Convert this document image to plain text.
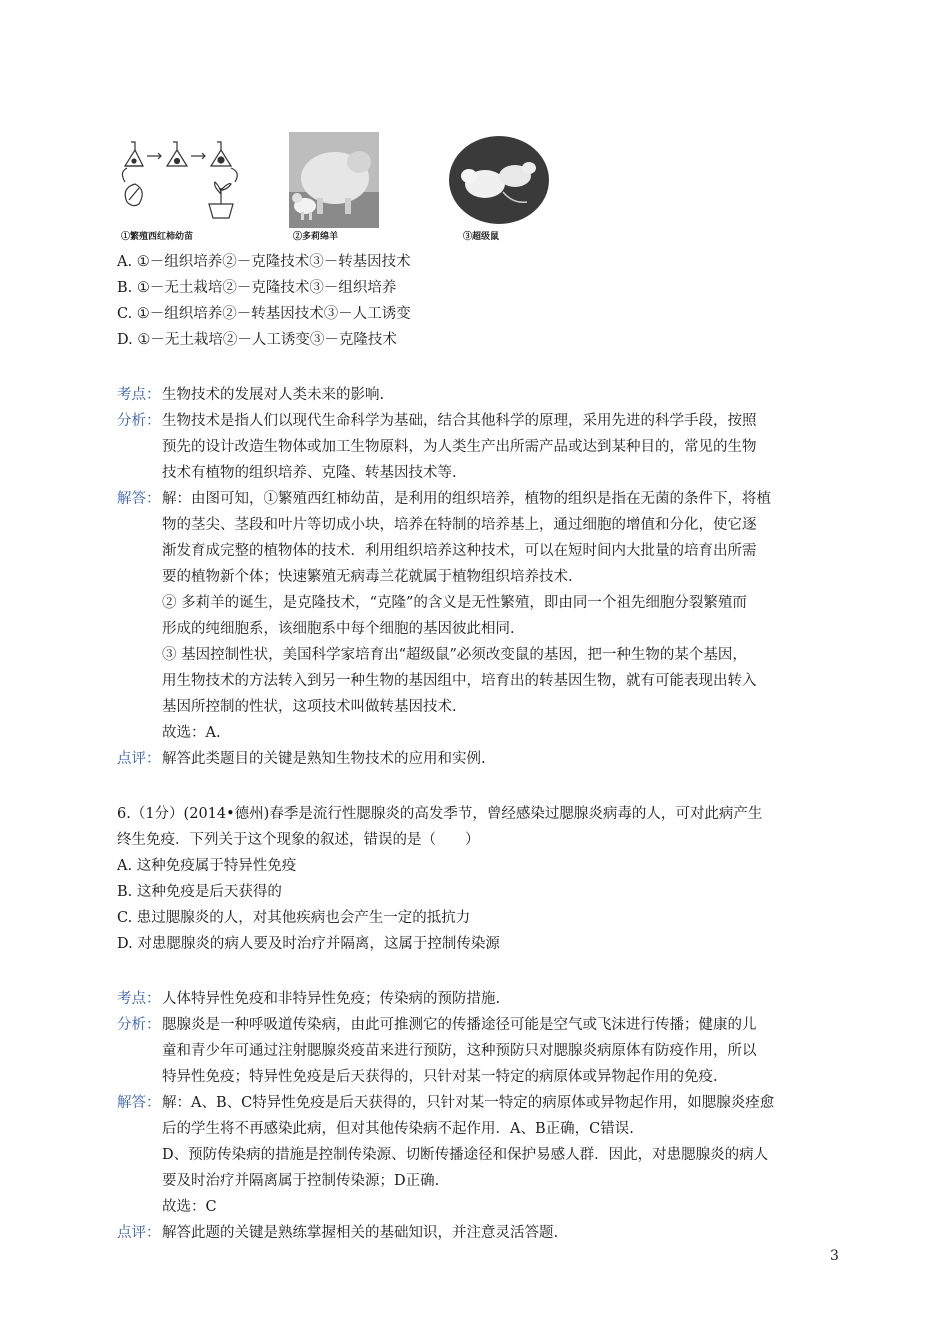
①繁殖西红柿幼苗	②多莉绵羊	③超级鼠
A. ①－组织培养②－克隆技术③－转基因技术
B. ①－无土栽培②－克隆技术③－组织培养
C. ①－组织培养②－转基因技术③－人工诱变
D. ①－无土栽培②－人工诱变③－克隆技术
考点： 生物技术的发展对人类未来的影响.
分析： 生物技术是指人们以现代生命科学为基础，结合其他科学的原理，采用先进的科学手段，按照
预先的设计改造生物体或加工生物原料，为人类生产出所需产品或达到某种目的，常见的生物
技术有植物的组织培养、克隆、转基因技术等.
解答： 解：由图可知，①繁殖西红柿幼苗，是利用的组织培养，植物的组织是指在无菌的条件下，将植
物的茎尖、茎段和叶片等切成小块，培养在特制的培养基上，通过细胞的增值和分化，使它逐
渐发育成完整的植物体的技术．利用组织培养这种技术，可以在短时间内大批量的培育出所需
要的植物新个体；快速繁殖无病毒兰花就属于植物组织培养技术.
② 多莉羊的诞生，是克隆技术，“克隆”的含义是无性繁殖，即由同一个祖先细胞分裂繁殖而
形成的纯细胞系，该细胞系中每个细胞的基因彼此相同.
③ 基因控制性状，美国科学家培育出“超级鼠”必须改变鼠的基因，把一种生物的某个基因，
用生物技术的方法转入到另一种生物的基因组中，培育出的转基因生物，就有可能表现出转入
基因所控制的性状，这项技术叫做转基因技术.
故选：A.
点评： 解答此类题目的关键是熟知生物技术的应用和实例.
6.（1分）(2014•德州)春季是流行性腮腺炎的高发季节，曾经感染过腮腺炎病毒的人，可对此病产生
终生免疫．下列关于这个现象的叙述，错误的是（　　）
A. 这种免疫属于特异性免疫
B. 这种免疫是后天获得的
C. 患过腮腺炎的人，对其他疾病也会产生一定的抵抗力
D. 对患腮腺炎的病人要及时治疗并隔离，这属于控制传染源
考点： 人体特异性免疫和非特异性免疫；传染病的预防措施.
分析： 腮腺炎是一种呼吸道传染病，由此可推测它的传播途径可能是空气或飞沫进行传播；健康的儿
童和青少年可通过注射腮腺炎疫苗来进行预防，这种预防只对腮腺炎病原体有防疫作用，所以
特异性免疫；特异性免疫是后天获得的，只针对某一特定的病原体或异物起作用的免疫.
解答： 解：A、B、C特异性免疫是后天获得的，只针对某一特定的病原体或异物起作用，如腮腺炎痊愈
后的学生将不再感染此病，但对其他传染病不起作用．A、B正确，C错误.
D、预防传染病的措施是控制传染源、切断传播途径和保护易感人群．因此，对患腮腺炎的病人
要及时治疗并隔离属于控制传染源；D正确.
故选：C
点评： 解答此题的关键是熟练掌握相关的基础知识，并注意灵活答题.
3
